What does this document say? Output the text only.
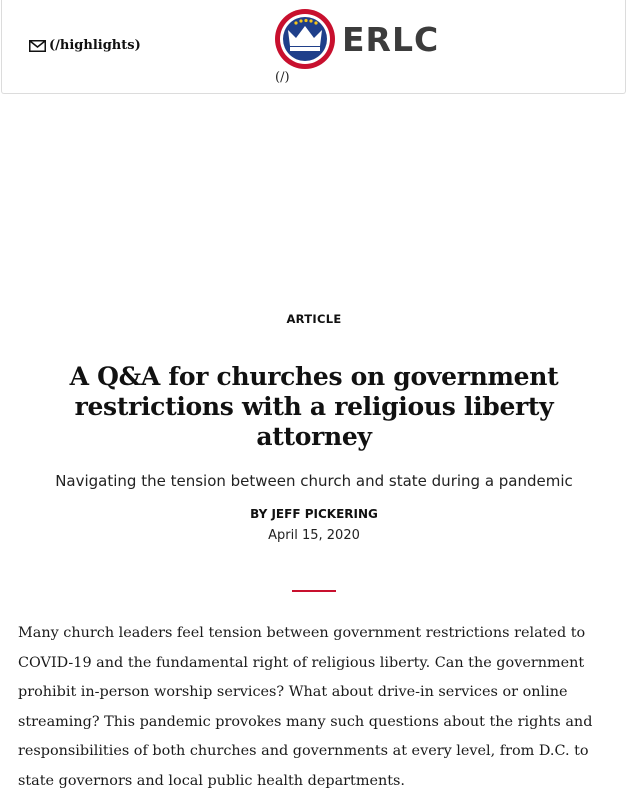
(/highlights)	ERLC
(/)
ARTICLE
A Q&A for churches on government restrictions with a religious liberty attorney
Navigating the tension between church and state during a pandemic
BY JEFF PICKERING
April 15, 2020

Many church leaders feel tension between government restrictions related to COVID-19 and the fundamental right of religious liberty. Can the government prohibit in-person worship services? What about drive-in services or online streaming? This pandemic provokes many such questions about the rights and responsibilities of both churches and governments at every level, from D.C. to state governors and local public health departments.
